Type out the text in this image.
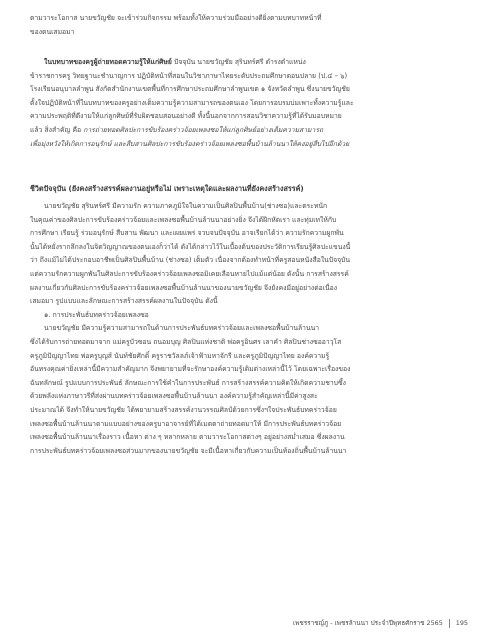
ตามวาระโอกาส นายขวัญชัย จะเข้าร่วมกิจกรรม พร้อมทั้งให้ความร่วมมืออย่างดียิ่งตามบทบาทหน้าที่
ของตนเสมอมา
ในบทบาทของครูผู้ถ่ายทอดความรู้ให้แก่ศิษย์ ปัจจุบัน นายขวัญชัย สุรินทร์ศรี ดำรงตำแหน่ง
ข้าราชการครู วิทยฐานะชำนาญการ ปฏิบัติหน้าที่สอนในวิชาภาษาไทยระดับประถมศึกษาตอนปลาย (ป.๔ – ๖)
โรงเรียนอนุบาลลำพูน สังกัดสำนักงานเขตพื้นที่การศึกษาประถมศึกษาลำพูนเขต ๑ จังหวัดลำพูน ซึ่งนายขวัญชัย
ตั้งใจปฏิบัติหน้าที่ในบทบาทของครูอย่างเต็มความรู้ความสามารถของตนเอง โดยการอบรมบ่มเพาะทั้งความรู้และ
ความประพฤติที่ดีงามให้แก่ลูกศิษย์ที่รับผิดชอบสอนอย่างดี ทั้งนี้นอกจากการสอนวิชาความรู้ที่ได้รับมอบหมาย
แล้ว สิ่งสำคัญ คือ การถ่ายทอดศิลปะการขับร้องคร่าวจ้อยเพลงซอให้แก่ลูกศิษย์อย่างเต็มความสามารถ
เพื่อมุ่งหวังให้เกิดการอนุรักษ์ และสืบสานศิลปะการขับร้องคร่าวจ้อยเพลงซอพื้นบ้านล้านนาให้คงอยู่สืบไปอีกด้วย
ชีวิตปัจจุบัน (ยังคงสร้างสรรค์ผลงานอยู่หรือไม่ เพราะเหตุใดและผลงานที่ยังคงสร้างสรรค์)
นายขวัญชัย สุรินทร์ศรี มีความรัก ความภาคภูมิใจในความเป็นศิลปินพื้นบ้าน(ช่างซอ)และตระหนัก
ในคุณค่าของศิลปะการขับร้องคร่าวจ้อยและเพลงซอพื้นบ้านล้านนาอย่างยิ่ง จึงได้ฝึกหัดเรา และทุ่มเทให้กับ
การศึกษา เรียนรู้ ร่วมอนุรักษ์ สืบสาน พัฒนา และเผยแพร่ จวบจนปัจจุบัน อาจเรียกได้ว่า ความรักความผูกพัน
นั้นได้หยั่งรากลึกลงในจิตวิญญาณของตนเองก็ว่าได้ ดังได้กล่าวไว้ในเบื้องต้นของประวัติการเรียนรู้ศิลปะแขนงนี้
ว่า ถึงแม้ไม่ได้ประกอบอาชีพเป็นศิลปินพื้นบ้าน (ช่างซอ) เต็มตัว เนื่องจากต้องทำหน้าที่ครูสอนหนังสือในปัจจุบัน
แต่ความรักความผูกพันในศิลปะการขับร้องคร่าวจ้อยเพลงซอมิเคยเลือนหายไปแม้แต่น้อย ดังนั้น การสร้างสรรค์
ผลงานเกี่ยวกับศิลปะการขับร้องคร่าวจ้อยเพลงซอพื้นบ้านล้านนาของนายขวัญชัย จึงยังคงมีอยู่อย่างต่อเนื่อง
เสมอมา รูปแบบและลักษณะการสร้างสรรค์ผลงานในปัจจุบัน ดังนี้
๑. การประพันธ์บทคร่าวจ้อยเพลงซอ
นายขวัญชัย มีความรู้ความสามารถในด้านการประพันธ์บทคร่าวจ้อยและเพลงซอพื้นบ้านล้านนา
ซึ่งได้รับการถ่ายทอดมาจาก แม่ครูบัวซอน ถนอมบุญ ศิลปินแห่งชาติ พ่อครูอินศร เลาคำ ศิลปินช่างซออาวุโส
ครูภูมิปัญญาไทย พ่อครูบุญส์ นันท์ชัยศักดิ์ ครูราชวัลลภ์เจ้าฟ้ามหาจักรี และครูภูมิปัญญาไทย องค์ความรู้
อันทรงคุณค่ายิ่งเหล่านี้มีความสำคัญมาก จึงพยายามที่จะรักษาองค์ความรู้เดิมต่างเหล่านี้ไว้ โดยเฉพาะเรื่องของ
ฉันทลักษณ์ รูปแบบการประพันธ์ ลักษณะการใช้คำในการประพันธ์ การสร้างสรรค์ความคิดให้เกิดความชาบซึ้ง
ด้วยพลังแห่งภาษาวรีที่ส่งผ่านบทคร่าวจ้อยเพลงซอพื้นบ้านล้านนา องค์ความรู้สำคัญเหล่านี้มีค่าสูงสะ
ประมาณได้ จึงทำให้นายขวัญชัย ได้พยายามสร้างสรรค์งานวรรณศิลป์ด้วยการซึ่งฯใจประพันธ์บทคร่าวจ้อย
เพลงซอพื้นบ้านล้านนาตามแบบอย่างของครูบาอาจารย์ที่ได้เมตตาถ่ายทอดมาให้ มีการประพันธ์บทคร่าวจ้อย
เพลงซอพื้นบ้านล้านนาเรื่องราว เนื้อหา ต่าง ๆ หลากหลาย ตามวาระโอกาสต่างๆ อยู่อย่างสม่ำเสมอ ซึ่งผลงาน
การประพันธ์บทคร่าวจ้อยเพลงซอส่วนมากของนายขวัญชัย จะมีเนื้อหาเกี่ยวกับความเป็นท้องถิ่นพื้นบ้านล้านนา
เพชรราชญ์ภู - เพชรล้านนา ประจำปีพุทธศักราช 2565 195
